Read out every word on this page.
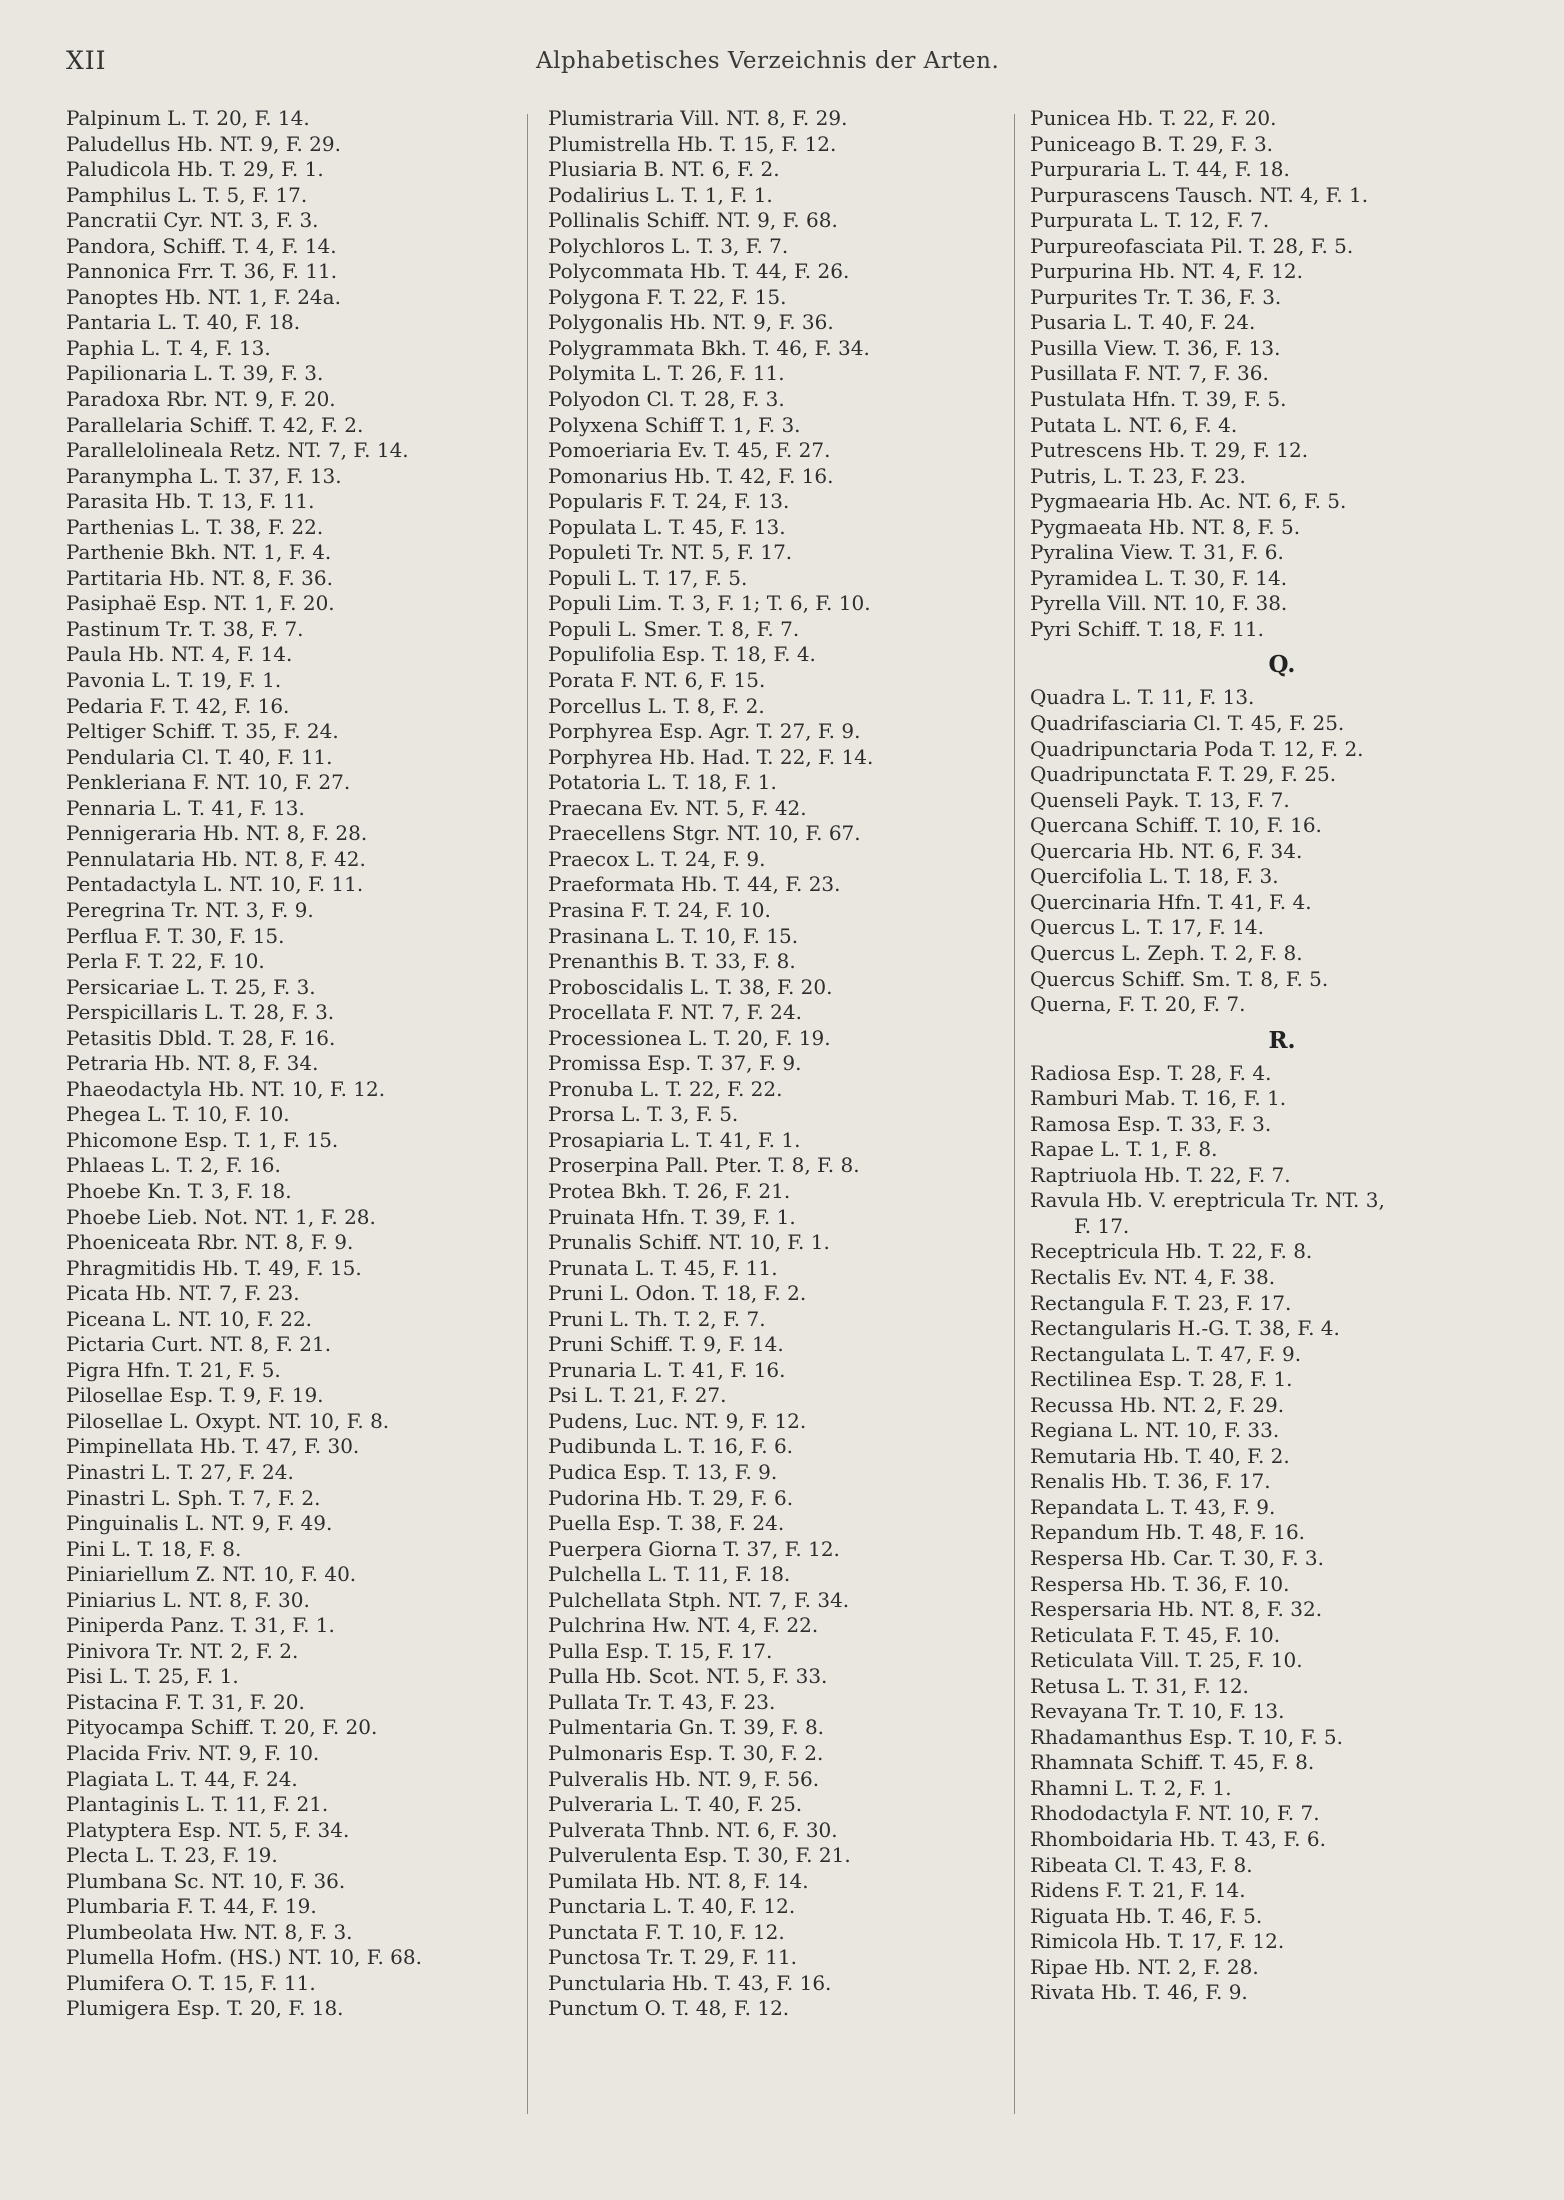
XII	Alphabetisches Verzeichnis der Arten.
Palpinum L. T. 20, F. 14.
Paludellus Hb. NT. 9, F. 29.
Paludicola Hb. T. 29, F. 1.
Pamphilus L. T. 5, F. 17.
Pancratii Cyr. NT. 3, F. 3.
Pandora, Schiff. T. 4, F. 14.
Pannonica Frr. T. 36, F. 11.
Panoptes Hb. NT. 1, F. 24a.
Pantaria L. T. 40, F. 18.
Paphia L. T. 4, F. 13.
Papilionaria L. T. 39, F. 3.
Paradoxa Rbr. NT. 9, F. 20.
Parallelaria Schiff. T. 42, F. 2.
Parallelolineala Retz. NT. 7, F. 14.
Paranympha L. T. 37, F. 13.
Parasita Hb. T. 13, F. 11.
Parthenias L. T. 38, F. 22.
Parthenie Bkh. NT. 1, F. 4.
Partitaria Hb. NT. 8, F. 36.
Pasiphaë Esp. NT. 1, F. 20.
Pastinum Tr. T. 38, F. 7.
Paula Hb. NT. 4, F. 14.
Pavonia L. T. 19, F. 1.
Pedaria F. T. 42, F. 16.
Peltiger Schiff. T. 35, F. 24.
Pendularia Cl. T. 40, F. 11.
Penkleriana F. NT. 10, F. 27.
Pennaria L. T. 41, F. 13.
Pennigeraria Hb. NT. 8, F. 28.
Pennulataria Hb. NT. 8, F. 42.
Pentadactyla L. NT. 10, F. 11.
Peregrina Tr. NT. 3, F. 9.
Perflua F. T. 30, F. 15.
Perla F. T. 22, F. 10.
Persicariae L. T. 25, F. 3.
Perspicillaris L. T. 28, F. 3.
Petasitis Dbld. T. 28, F. 16.
Petraria Hb. NT. 8, F. 34.
Phaeodactyla Hb. NT. 10, F. 12.
Phegea L. T. 10, F. 10.
Phicomone Esp. T. 1, F. 15.
Phlaeas L. T. 2, F. 16.
Phoebe Kn. T. 3, F. 18.
Phoebe Lieb. Not. NT. 1, F. 28.
Phoeniceata Rbr. NT. 8, F. 9.
Phragmitidis Hb. T. 49, F. 15.
Picata Hb. NT. 7, F. 23.
Piceana L. NT. 10, F. 22.
Pictaria Curt. NT. 8, F. 21.
Pigra Hfn. T. 21, F. 5.
Pilosellae Esp. T. 9, F. 19.
Pilosellae L. Oxypt. NT. 10, F. 8.
Pimpinellata Hb. T. 47, F. 30.
Pinastri L. T. 27, F. 24.
Pinastri L. Sph. T. 7, F. 2.
Pinguinalis L. NT. 9, F. 49.
Pini L. T. 18, F. 8.
Piniariellum Z. NT. 10, F. 40.
Piniarius L. NT. 8, F. 30.
Piniperda Panz. T. 31, F. 1.
Pinivora Tr. NT. 2, F. 2.
Pisi L. T. 25, F. 1.
Pistacina F. T. 31, F. 20.
Pityocampa Schiff. T. 20, F. 20.
Placida Friv. NT. 9, F. 10.
Plagiata L. T. 44, F. 24.
Plantaginis L. T. 11, F. 21.
Platyptera Esp. NT. 5, F. 34.
Plecta L. T. 23, F. 19.
Plumbana Sc. NT. 10, F. 36.
Plumbaria F. T. 44, F. 19.
Plumbeolata Hw. NT. 8, F. 3.
Plumella Hofm. (HS.) NT. 10, F. 68.
Plumifera O. T. 15, F. 11.
Plumigera Esp. T. 20, F. 18.
Plumistraria Vill. NT. 8, F. 29.
Plumistrella Hb. T. 15, F. 12.
Plusiaria B. NT. 6, F. 2.
Podalirius L. T. 1, F. 1.
Pollinalis Schiff. NT. 9, F. 68.
Polychloros L. T. 3, F. 7.
Polycommata Hb. T. 44, F. 26.
Polygona F. T. 22, F. 15.
Polygonalis Hb. NT. 9, F. 36.
Polygrammata Bkh. T. 46, F. 34.
Polymita L. T. 26, F. 11.
Polyodon Cl. T. 28, F. 3.
Polyxena Schiff T. 1, F. 3.
Pomoeriaria Ev. T. 45, F. 27.
Pomonarius Hb. T. 42, F. 16.
Popularis F. T. 24, F. 13.
Populata L. T. 45, F. 13.
Populeti Tr. NT. 5, F. 17.
Populi L. T. 17, F. 5.
Populi Lim. T. 3, F. 1; T. 6, F. 10.
Populi L. Smer. T. 8, F. 7.
Populifolia Esp. T. 18, F. 4.
Porata F. NT. 6, F. 15.
Porcellus L. T. 8, F. 2.
Porphyrea Esp. Agr. T. 27, F. 9.
Porphyrea Hb. Had. T. 22, F. 14.
Potatoria L. T. 18, F. 1.
Praecana Ev. NT. 5, F. 42.
Praecellens Stgr. NT. 10, F. 67.
Praecox L. T. 24, F. 9.
Praeformata Hb. T. 44, F. 23.
Prasina F. T. 24, F. 10.
Prasinana L. T. 10, F. 15.
Prenanthis B. T. 33, F. 8.
Proboscidalis L. T. 38, F. 20.
Procellata F. NT. 7, F. 24.
Processionea L. T. 20, F. 19.
Promissa Esp. T. 37, F. 9.
Pronuba L. T. 22, F. 22.
Prorsa L. T. 3, F. 5.
Prosapiaria L. T. 41, F. 1.
Proserpina Pall. Pter. T. 8, F. 8.
Protea Bkh. T. 26, F. 21.
Pruinata Hfn. T. 39, F. 1.
Prunalis Schiff. NT. 10, F. 1.
Prunata L. T. 45, F. 11.
Pruni L. Odon. T. 18, F. 2.
Pruni L. Th. T. 2, F. 7.
Pruni Schiff. T. 9, F. 14.
Prunaria L. T. 41, F. 16.
Psi L. T. 21, F. 27.
Pudens, Luc. NT. 9, F. 12.
Pudibunda L. T. 16, F. 6.
Pudica Esp. T. 13, F. 9.
Pudorina Hb. T. 29, F. 6.
Puella Esp. T. 38, F. 24.
Puerpera Giorna T. 37, F. 12.
Pulchella L. T. 11, F. 18.
Pulchellata Stph. NT. 7, F. 34.
Pulchrina Hw. NT. 4, F. 22.
Pulla Esp. T. 15, F. 17.
Pulla Hb. Scot. NT. 5, F. 33.
Pullata Tr. T. 43, F. 23.
Pulmentaria Gn. T. 39, F. 8.
Pulmonaris Esp. T. 30, F. 2.
Pulveralis Hb. NT. 9, F. 56.
Pulveraria L. T. 40, F. 25.
Pulverata Thnb. NT. 6, F. 30.
Pulverulenta Esp. T. 30, F. 21.
Pumilata Hb. NT. 8, F. 14.
Punctaria L. T. 40, F. 12.
Punctata F. T. 10, F. 12.
Punctosa Tr. T. 29, F. 11.
Punctularia Hb. T. 43, F. 16.
Punctum O. T. 48, F. 12.
Punicea Hb. T. 22, F. 20.
Puniceago B. T. 29, F. 3.
Purpuraria L. T. 44, F. 18.
Purpurascens Tausch. NT. 4, F. 1.
Purpurata L. T. 12, F. 7.
Purpureofasciata Pil. T. 28, F. 5.
Purpurina Hb. NT. 4, F. 12.
Purpurites Tr. T. 36, F. 3.
Pusaria L. T. 40, F. 24.
Pusilla View. T. 36, F. 13.
Pusillata F. NT. 7, F. 36.
Pustulata Hfn. T. 39, F. 5.
Putata L. NT. 6, F. 4.
Putrescens Hb. T. 29, F. 12.
Putris, L. T. 23, F. 23.
Pygmaearia Hb. Ac. NT. 6, F. 5.
Pygmaeata Hb. NT. 8, F. 5.
Pyralina View. T. 31, F. 6.
Pyramidea L. T. 30, F. 14.
Pyrella Vill. NT. 10, F. 38.
Pyri Schiff. T. 18, F. 11.
Q.
Quadra L. T. 11, F. 13.
Quadrifasciaria Cl. T. 45, F. 25.
Quadripunctaria Poda T. 12, F. 2.
Quadripunctata F. T. 29, F. 25.
Quenseli Payk. T. 13, F. 7.
Quercana Schiff. T. 10, F. 16.
Quercaria Hb. NT. 6, F. 34.
Quercifolia L. T. 18, F. 3.
Quercinaria Hfn. T. 41, F. 4.
Quercus L. T. 17, F. 14.
Quercus L. Zeph. T. 2, F. 8.
Quercus Schiff. Sm. T. 8, F. 5.
Querna, F. T. 20, F. 7.
R.
Radiosa Esp. T. 28, F. 4.
Ramburi Mab. T. 16, F. 1.
Ramosa Esp. T. 33, F. 3.
Rapae L. T. 1, F. 8.
Raptriuola Hb. T. 22, F. 7.
Ravula Hb. V. ereptricula Tr. NT. 3,
F. 17.
Receptricula Hb. T. 22, F. 8.
Rectalis Ev. NT. 4, F. 38.
Rectangula F. T. 23, F. 17.
Rectangularis H.-G. T. 38, F. 4.
Rectangulata L. T. 47, F. 9.
Rectilinea Esp. T. 28, F. 1.
Recussa Hb. NT. 2, F. 29.
Regiana L. NT. 10, F. 33.
Remutaria Hb. T. 40, F. 2.
Renalis Hb. T. 36, F. 17.
Repandata L. T. 43, F. 9.
Repandum Hb. T. 48, F. 16.
Respersa Hb. Car. T. 30, F. 3.
Respersa Hb. T. 36, F. 10.
Respersaria Hb. NT. 8, F. 32.
Reticulata F. T. 45, F. 10.
Reticulata Vill. T. 25, F. 10.
Retusa L. T. 31, F. 12.
Revayana Tr. T. 10, F. 13.
Rhadamanthus Esp. T. 10, F. 5.
Rhamnata Schiff. T. 45, F. 8.
Rhamni L. T. 2, F. 1.
Rhododactyla F. NT. 10, F. 7.
Rhomboidaria Hb. T. 43, F. 6.
Ribeata Cl. T. 43, F. 8.
Ridens F. T. 21, F. 14.
Riguata Hb. T. 46, F. 5.
Rimicola Hb. T. 17, F. 12.
Ripae Hb. NT. 2, F. 28.
Rivata Hb. T. 46, F. 9.
